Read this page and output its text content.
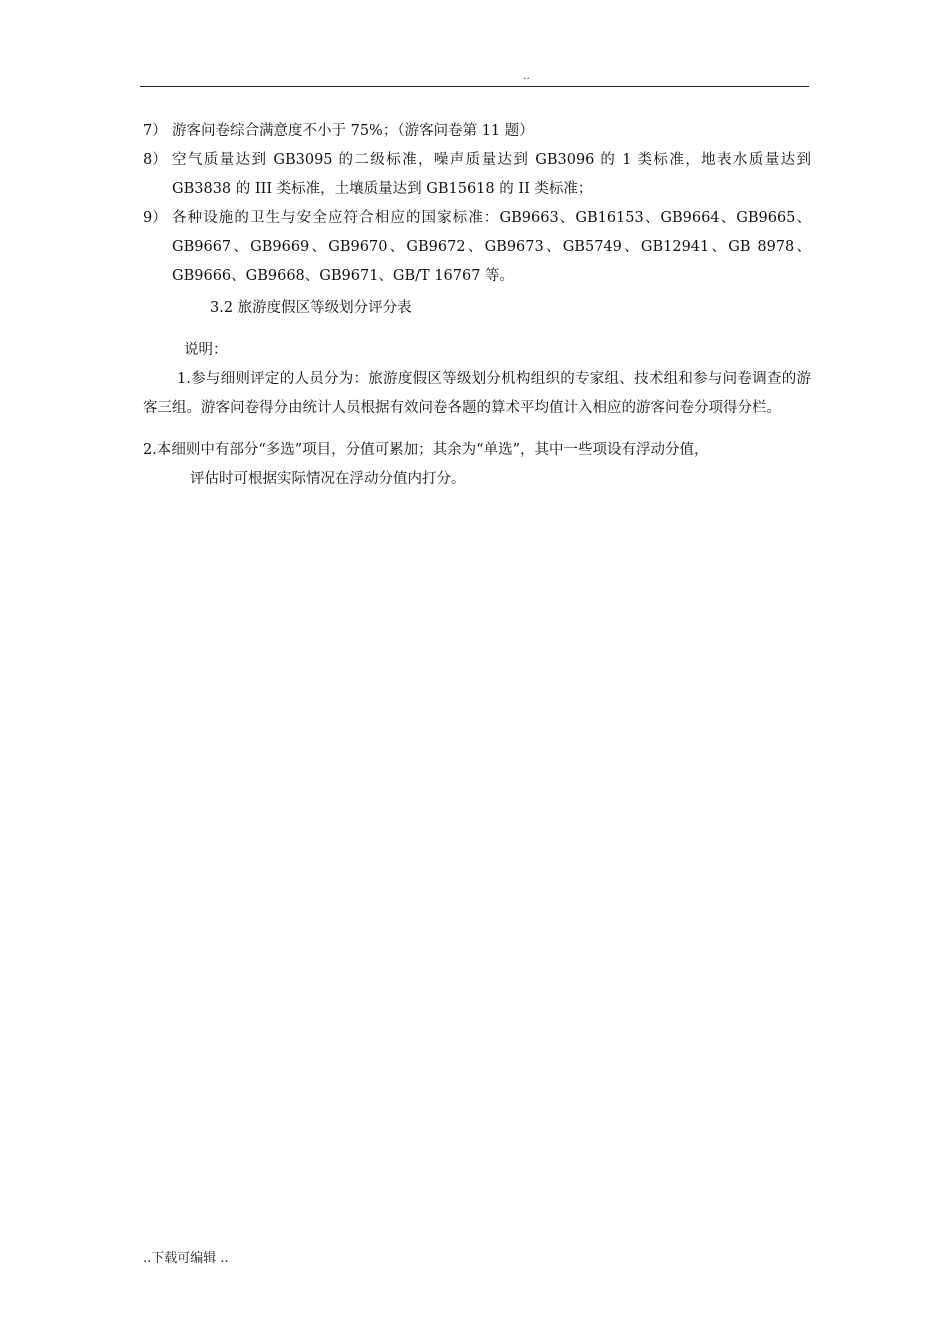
..
7） 游客问卷综合满意度不小于 75%；（游客问卷第 11 题）
8） 空气质量达到 GB3095 的二级标准，噪声质量达到 GB3096 的 1 类标准，地表水质量达到 GB3838 的 III 类标准，土壤质量达到 GB15618 的 II 类标准；
9） 各种设施的卫生与安全应符合相应的国家标准：GB9663、GB16153、GB9664、GB9665、GB9667、GB9669、GB9670、GB9672、GB9673、GB5749、GB12941、GB 8978、GB9666、GB9668、GB9671、GB/T 16767 等。
3.2 旅游度假区等级划分评分表
说明：
1.参与细则评定的人员分为：旅游度假区等级划分机构组织的专家组、技术组和参与问卷调查的游客三组。游客问卷得分由统计人员根据有效问卷各题的算术平均值计入相应的游客问卷分项得分栏。
2.本细则中有部分“多选”项目，分值可累加；其余为“单选”，其中一些项设有浮动分值，
评估时可根据实际情况在浮动分值内打分。
..下载可编辑 ..
